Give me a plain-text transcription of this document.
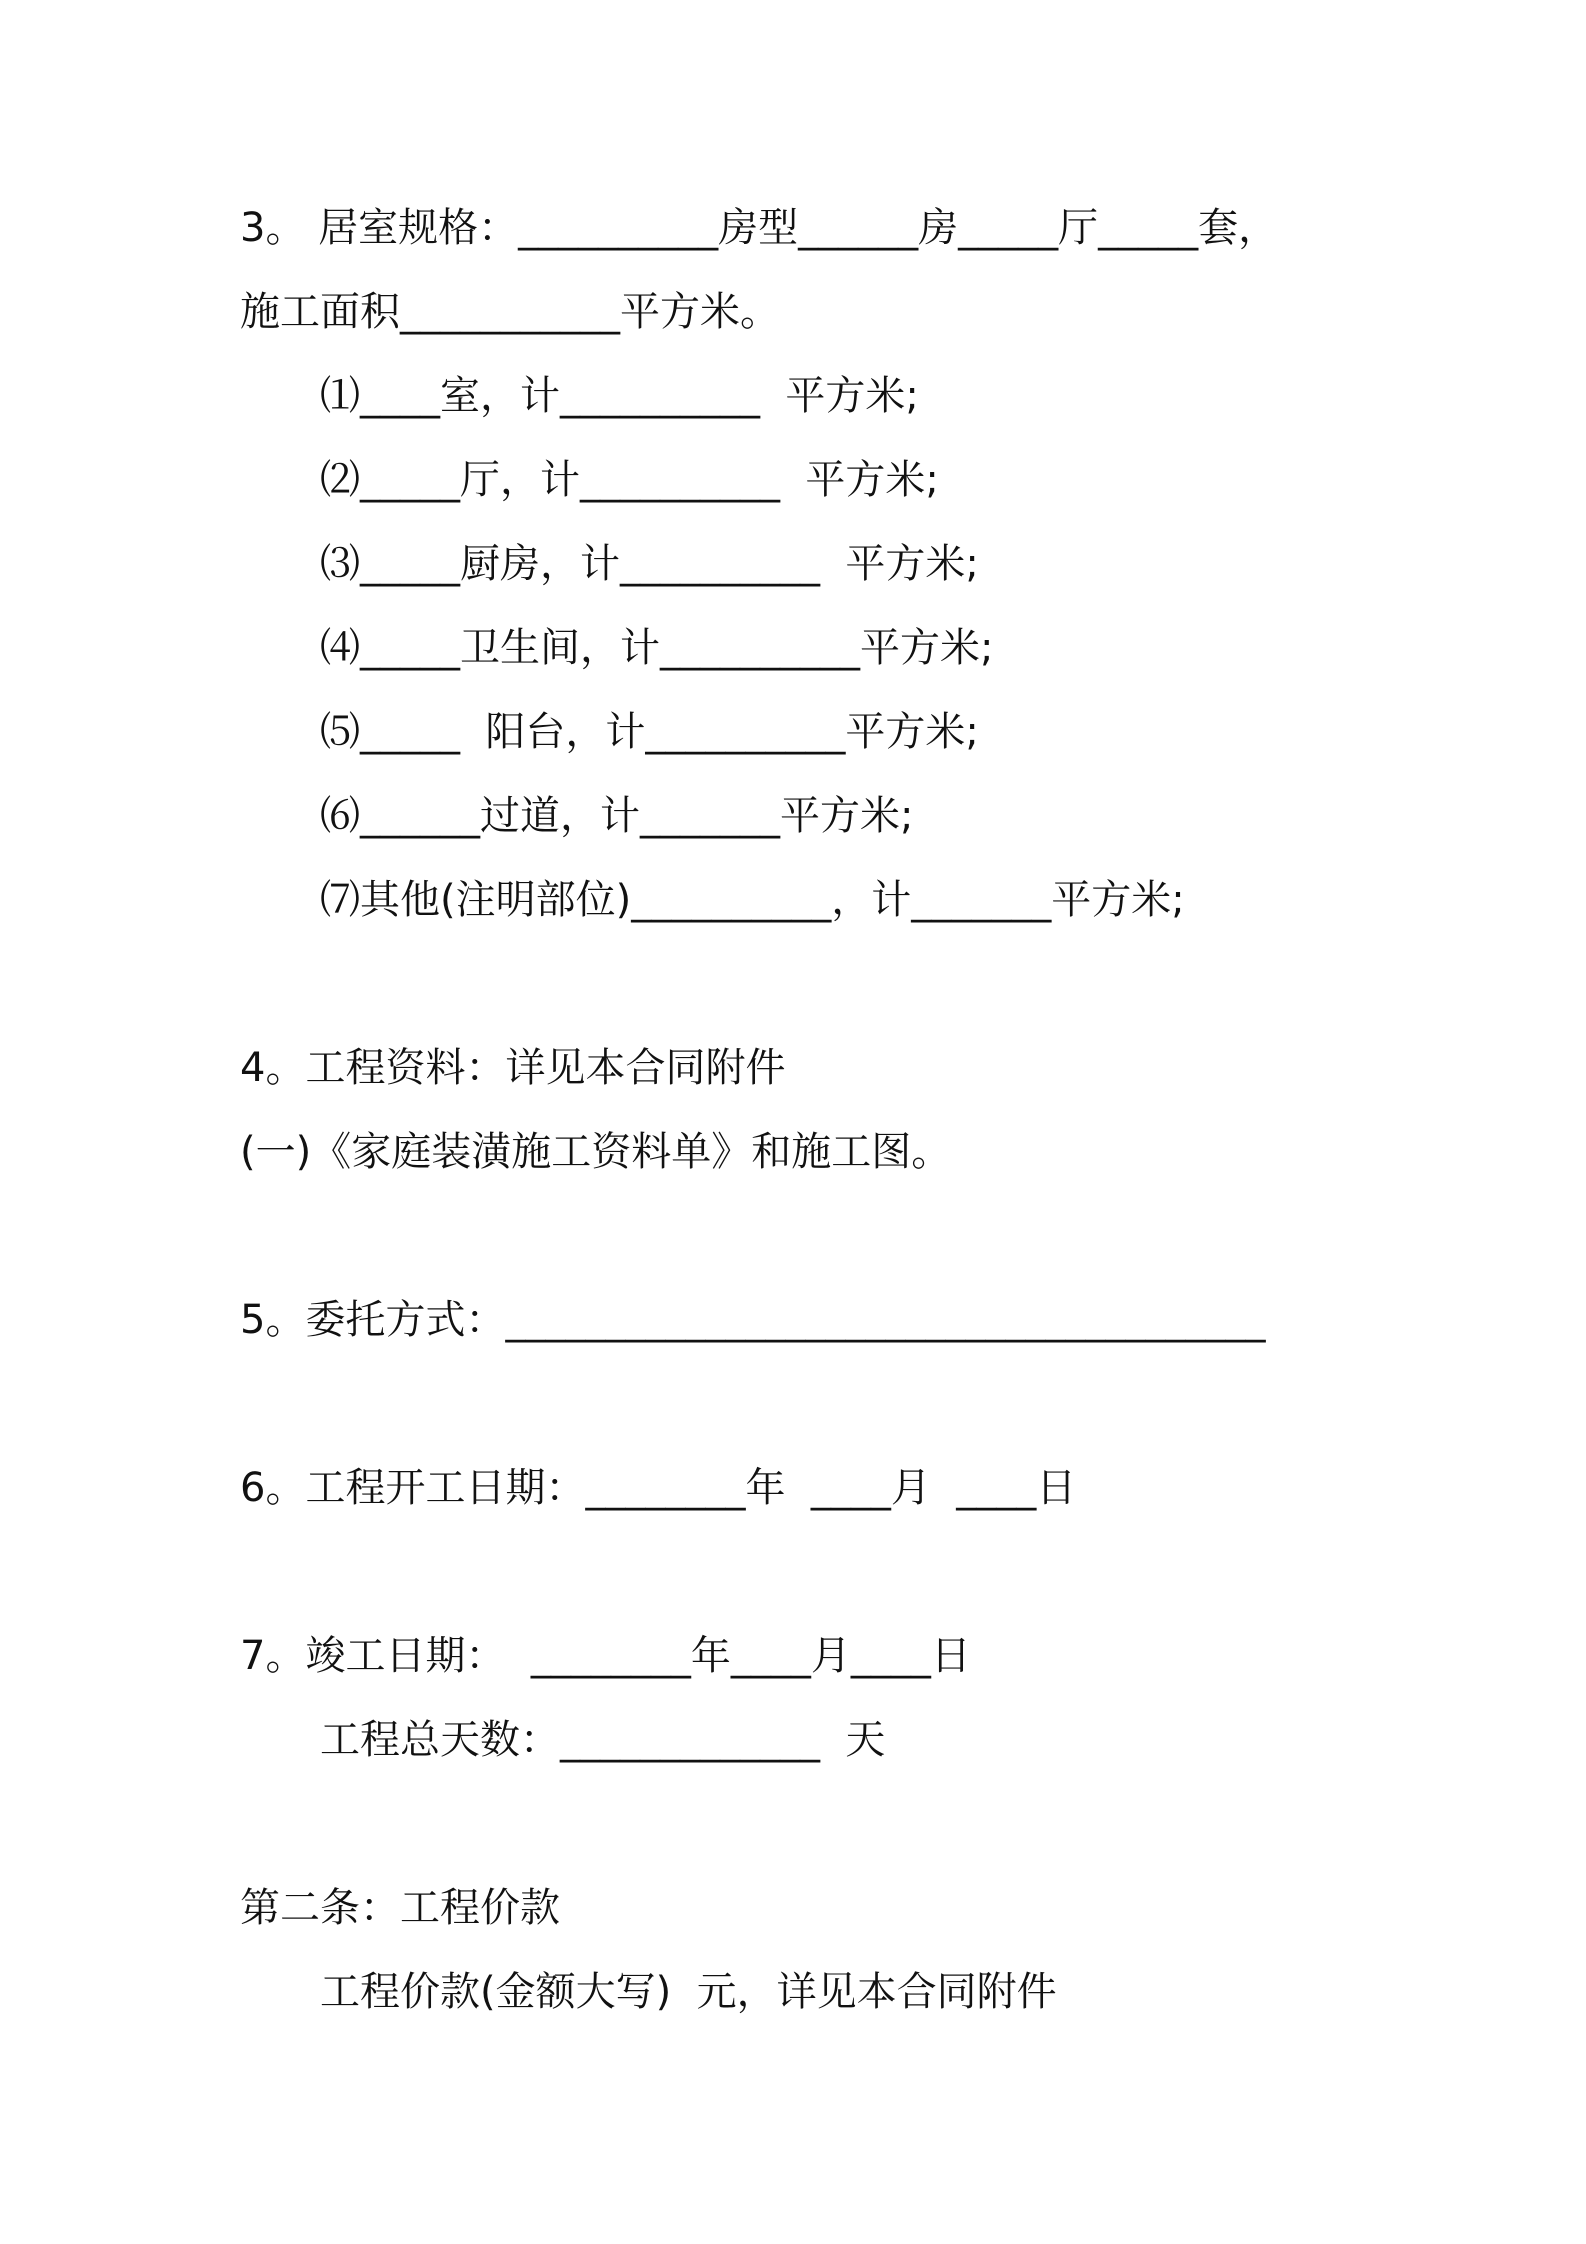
3。 居室规格：__________房型______房_____厅_____套，

施工面积___________平方米。

⑴____室，计__________  平方米;

⑵_____厅，计__________  平方米;

⑶_____厨房，计__________  平方米;

⑷_____卫生间，计__________平方米;

⑸_____  阳台，计__________平方米;

⑹______过道，计_______平方米;

⑺其他(注明部位)__________，计_______平方米;

4。工程资料：详见本合同附件

(一)《家庭装潢施工资料单》和施工图。

5。委托方式：______________________________________

6。工程开工日期：________年  ____月  ____日

7。竣工日期：  ________年____月____日

工程总天数：_____________  天

第二条：工程价款

工程价款(金额大写)  元，详见本合同附件
